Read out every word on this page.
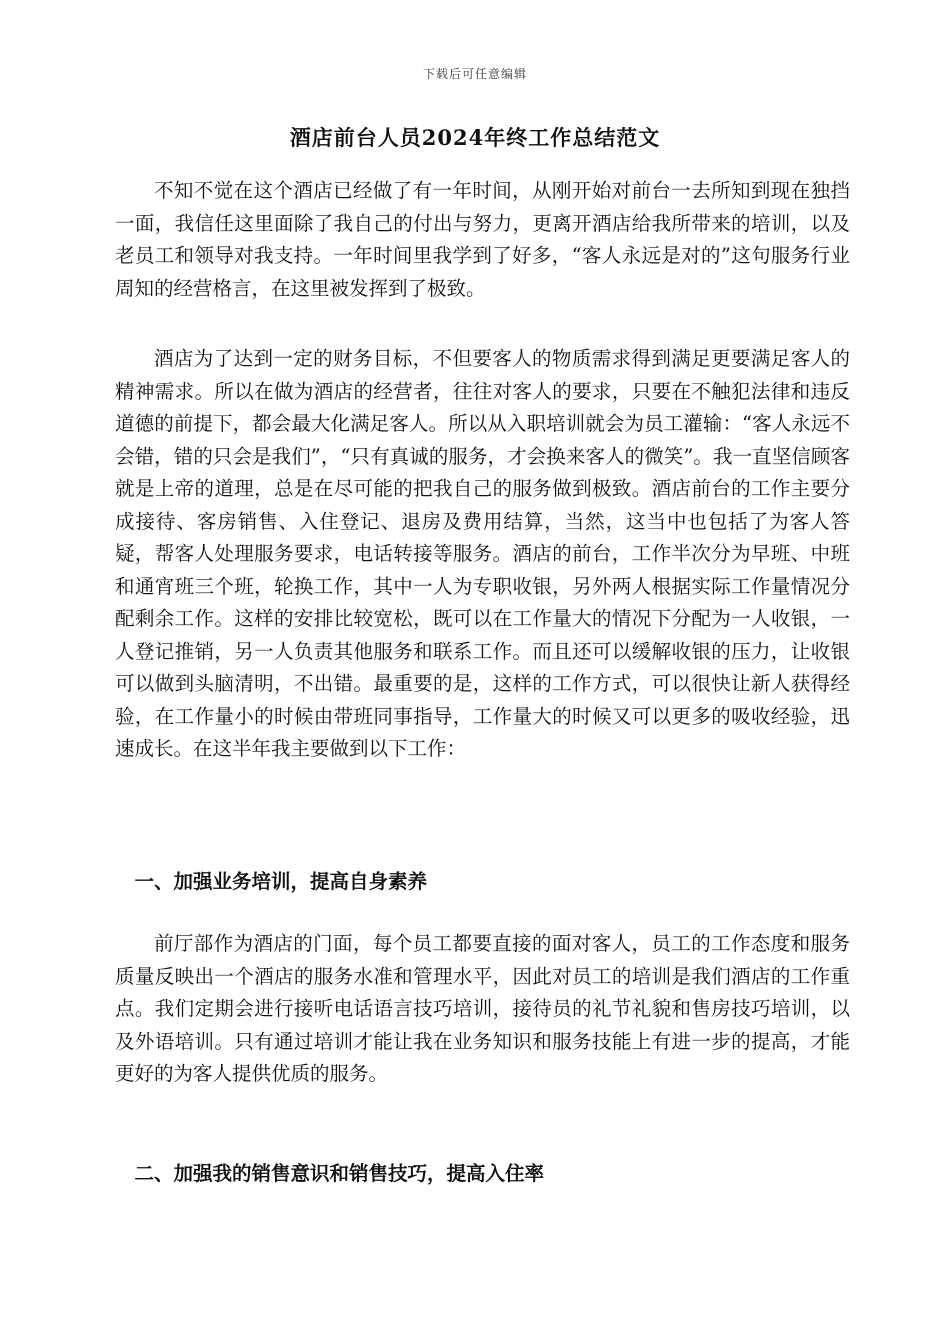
下载后可任意编辑
酒店前台人员2024年终工作总结范文

不知不觉在这个酒店已经做了有一年时间，从刚开始对前台一去所知到现在独挡一面，我信任这里面除了我自己的付出与努力，更离开酒店给我所带来的培训，以及老员工和领导对我支持。一年时间里我学到了好多，“客人永远是对的”这句服务行业周知的经营格言，在这里被发挥到了极致。

酒店为了达到一定的财务目标，不但要客人的物质需求得到满足更要满足客人的精神需求。所以在做为酒店的经营者，往往对客人的要求，只要在不触犯法律和违反道德的前提下，都会最大化满足客人。所以从入职培训就会为员工灌输：“客人永远不会错，错的只会是我们”，“只有真诚的服务，才会换来客人的微笑”。我一直坚信顾客就是上帝的道理，总是在尽可能的把我自己的服务做到极致。酒店前台的工作主要分成接待、客房销售、入住登记、退房及费用结算，当然，这当中也包括了为客人答疑，帮客人处理服务要求，电话转接等服务。酒店的前台，工作半次分为早班、中班和通宵班三个班，轮换工作，其中一人为专职收银，另外两人根据实际工作量情况分配剩余工作。这样的安排比较宽松，既可以在工作量大的情况下分配为一人收银，一人登记推销，另一人负责其他服务和联系工作。而且还可以缓解收银的压力，让收银可以做到头脑清明，不出错。最重要的是，这样的工作方式，可以很快让新人获得经验，在工作量小的时候由带班同事指导，工作量大的时候又可以更多的吸收经验，迅速成长。在这半年我主要做到以下工作：

一、加强业务培训，提高自身素养

前厅部作为酒店的门面，每个员工都要直接的面对客人，员工的工作态度和服务质量反映出一个酒店的服务水准和管理水平，因此对员工的培训是我们酒店的工作重点。我们定期会进行接听电话语言技巧培训，接待员的礼节礼貌和售房技巧培训，以及外语培训。只有通过培训才能让我在业务知识和服务技能上有进一步的提高，才能更好的为客人提供优质的服务。

二、加强我的销售意识和销售技巧，提高入住率
